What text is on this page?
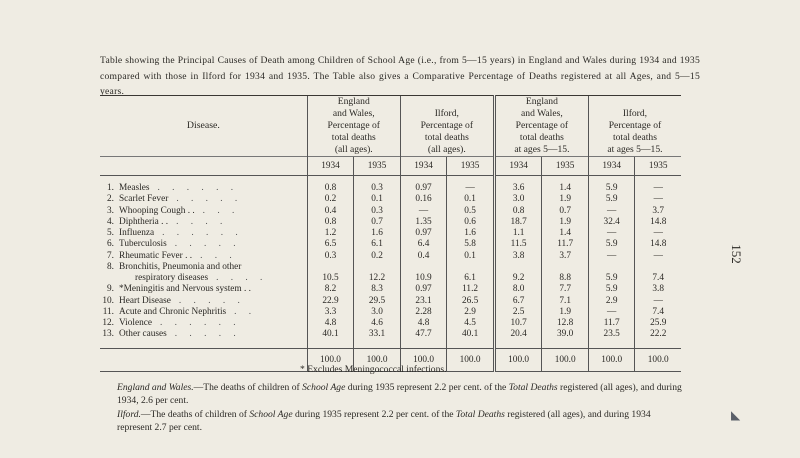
Table showing the Principal Causes of Death among Children of School Age (i.e., from 5—15 years) in England and Wales during 1934 and 1935 compared with those in Ilford for 1934 and 1935. The Table also gives a Comparative Percentage of Deaths registered at all Ages, and 5—15 years.
152
Disease.	England
and Wales,
Percentage of
total deaths
(all ages).		Ilford,
Percentage of
total deaths
(all ages).		England
and Wales,
Percentage of
total deaths
at ages 5—15.		Ilford,
Percentage of
total deaths
at ages 5—15.	
	1934	1935	1934	1935	1934	1935	1934	1935

1. Measles . . . . . .	0.8	0.3	0.97	—	3.6	1.4	5.9	—
2. Scarlet Fever . . . . .	0.2	0.1	0.16	0.1	3.0	1.9	5.9	—
3. Whooping Cough . . . . .	0.4	0.3	—	0.5	0.8	0.7	—	3.7
4. Diphtheria . . . . . .	0.8	0.7	1.35	0.6	18.7	1.9	32.4	14.8
5. Influenza . . . . . .	1.2	1.6	0.97	1.6	1.1	1.4	—	—
6. Tuberculosis . . . . .	6.5	6.1	6.4	5.8	11.5	11.7	5.9	14.8
7. Rheumatic Fever . . . . .	0.3	0.2	0.4	0.1	3.8	3.7	—	—
8. Bronchitis, Pneumonia and other								
respiratory diseases . . . .	10.5	12.2	10.9	6.1	9.2	8.8	5.9	7.4
9. *Meningitis and Nervous system . .	8.2	8.3	0.97	11.2	8.0	7.7	5.9	3.8
10. Heart Disease . . . . .	22.9	29.5	23.1	26.5	6.7	7.1	2.9	—
11. Acute and Chronic Nephritis . .	3.3	3.0	2.28	2.9	2.5	1.9	—	7.4
12. Violence . . . . . .	4.8	4.6	4.8	4.5	10.7	12.8	11.7	25.9
13. Other causes . . . . .	40.1	33.1	47.7	40.1	20.4	39.0	23.5	22.2

	100.0	100.0	100.0	100.0	100.0	100.0	100.0	100.0
* Excludes Meningococcal infections.
England and Wales.—The deaths of children of School Age during 1935 represent 2.2 per cent. of the Total Deaths registered (all ages), and during 1934, 2.6 per cent.
Ilford.—The deaths of children of School Age during 1935 represent 2.2 per cent. of the Total Deaths registered (all ages), and during 1934 represent 2.7 per cent.
◣
